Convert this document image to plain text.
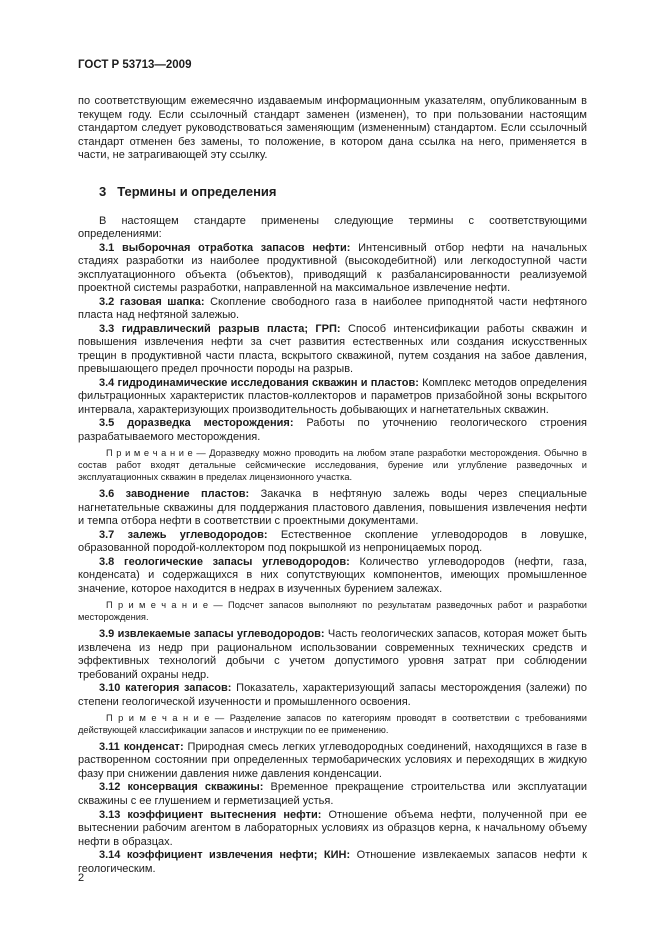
ГОСТ Р 53713—2009

по соответствующим ежемесячно издаваемым информационным указателям, опубликованным в текущем году. Если ссылочный стандарт заменен (изменен), то при пользовании настоящим стандартом следует руководствоваться заменяющим (измененным) стандартом. Если ссылочный стандарт отменен без замены, то положение, в котором дана ссылка на него, применяется в части, не затрагивающей эту ссылку.

3 Термины и определения

В настоящем стандарте применены следующие термины с соответствующими определениями:

3.1 выборочная отработка запасов нефти: Интенсивный отбор нефти на начальных стадиях разработки из наиболее продуктивной (высокодебитной) или легкодоступной части эксплуатационного объекта (объектов), приводящий к разбалансированности реализуемой проектной системы разработки, направленной на максимальное извлечение нефти.

3.2 газовая шапка: Скопление свободного газа в наиболее приподнятой части нефтяного пласта над нефтяной залежью.

3.3 гидравлический разрыв пласта; ГРП: Способ интенсификации работы скважин и повышения извлечения нефти за счет развития естественных или создания искусственных трещин в продуктивной части пласта, вскрытого скважиной, путем создания на забое давления, превышающего предел прочности породы на разрыв.

3.4 гидродинамические исследования скважин и пластов: Комплекс методов определения фильтрационных характеристик пластов-коллекторов и параметров призабойной зоны вскрытого интервала, характеризующих производительность добывающих и нагнетательных скважин.

3.5 доразведка месторождения: Работы по уточнению геологического строения разрабатываемого месторождения.

П р и м е ч а н и е — Доразведку можно проводить на любом этапе разработки месторождения. Обычно в состав работ входят детальные сейсмические исследования, бурение или углубление разведочных и эксплуатационных скважин в пределах лицензионного участка.

3.6 заводнение пластов: Закачка в нефтяную залежь воды через специальные нагнетательные скважины для поддержания пластового давления, повышения извлечения нефти и темпа отбора нефти в соответствии с проектными документами.

3.7 залежь углеводородов: Естественное скопление углеводородов в ловушке, образованной породой-коллектором под покрышкой из непроницаемых пород.

3.8 геологические запасы углеводородов: Количество углеводородов (нефти, газа, конденсата) и содержащихся в них сопутствующих компонентов, имеющих промышленное значение, которое находится в недрах в изученных бурением залежах.

П р и м е ч а н и е — Подсчет запасов выполняют по результатам разведочных работ и разработки месторождения.

3.9 извлекаемые запасы углеводородов: Часть геологических запасов, которая может быть извлечена из недр при рациональном использовании современных технических средств и эффективных технологий добычи с учетом допустимого уровня затрат при соблюдении требований охраны недр.

3.10 категория запасов: Показатель, характеризующий запасы месторождения (залежи) по степени геологической изученности и промышленного освоения.

П р и м е ч а н и е — Разделение запасов по категориям проводят в соответствии с требованиями действующей классификации запасов и инструкции по ее применению.

3.11 конденсат: Природная смесь легких углеводородных соединений, находящихся в газе в растворенном состоянии при определенных термобарических условиях и переходящих в жидкую фазу при снижении давления ниже давления конденсации.

3.12 консервация скважины: Временное прекращение строительства или эксплуатации скважины с ее глушением и герметизацией устья.

3.13 коэффициент вытеснения нефти: Отношение объема нефти, полученной при ее вытеснении рабочим агентом в лабораторных условиях из образцов керна, к начальному объему нефти в образцах.

3.14 коэффициент извлечения нефти; КИН: Отношение извлекаемых запасов нефти к геологическим.

2
